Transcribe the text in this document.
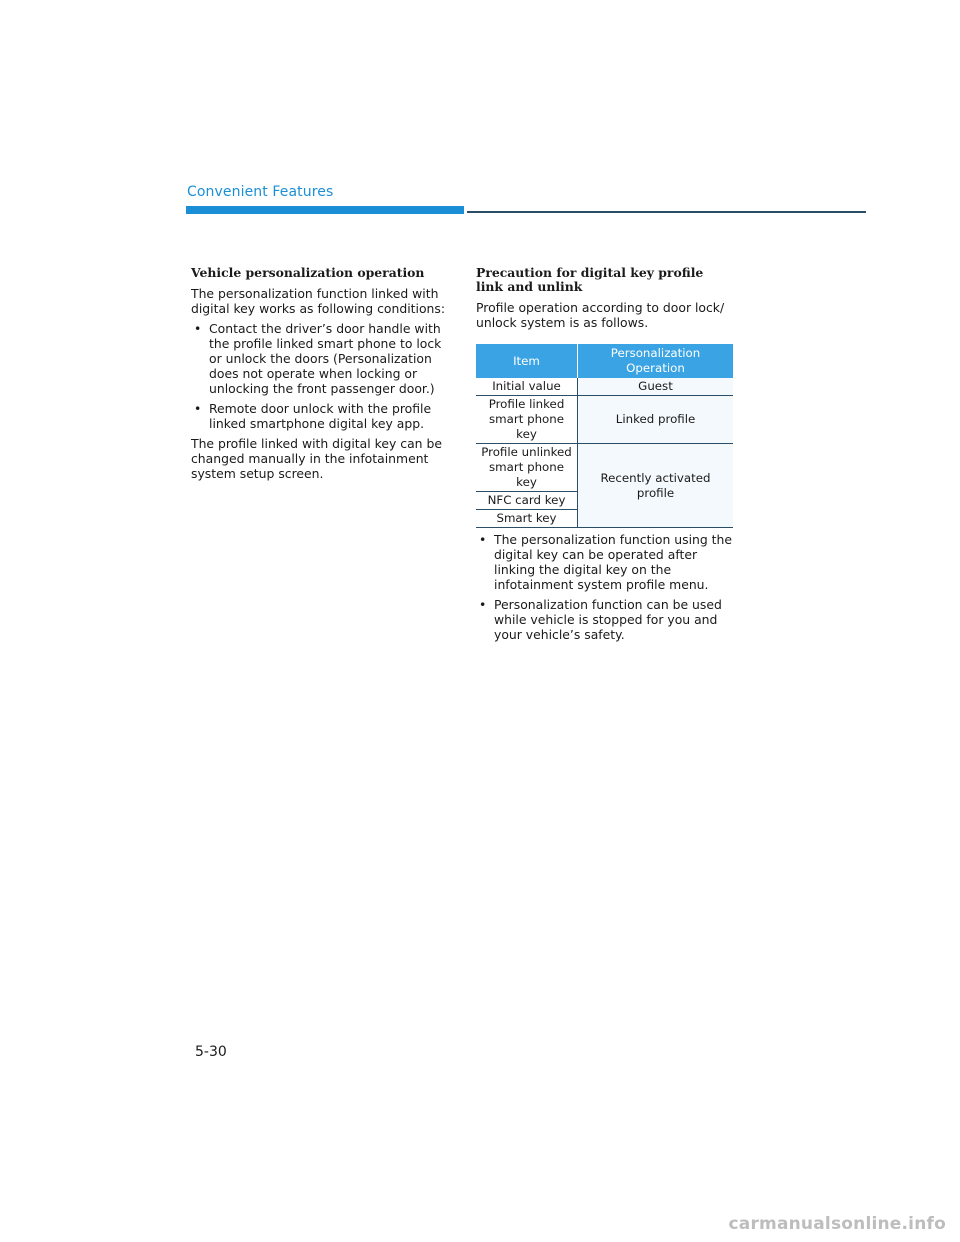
Convenient Features
Vehicle personalization operation

The personalization function linked with digital key works as following conditions:

• Contact the driver’s door handle with the profile linked smart phone to lock or unlock the doors (Personalization does not operate when locking or unlocking the front passenger door.)
• Remote door unlock with the profile linked smartphone digital key app.

The profile linked with digital key can be changed manually in the infotainment system setup screen.

Precaution for digital key profile link and unlink

Profile operation according to door lock/ unlock system is as follows.

Item	Personalization Operation
Initial value	Guest
Profile linked smart phone key	Linked profile
Profile unlinked smart phone key	Recently activated profile
NFC card key	
Smart key	
• The personalization function using the digital key can be operated after linking the digital key on the infotainment system profile menu.
• Personalization function can be used while vehicle is stopped for you and your vehicle’s safety.
5-30
carmanualsonline.info
